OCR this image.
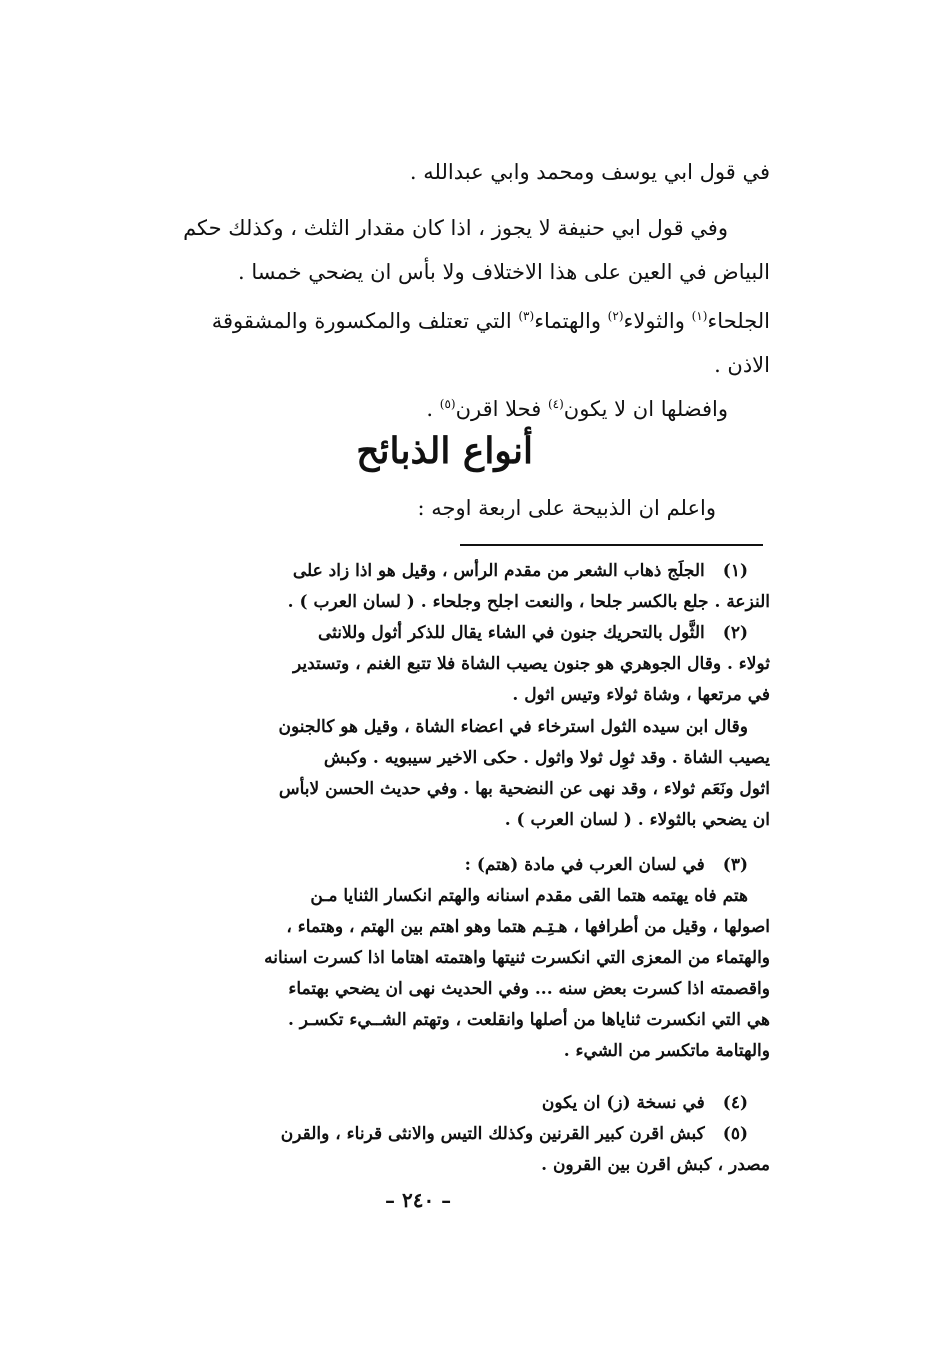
في قول ابي يوسف ومحمد وابي عبدالله .
وفي قول ابي حنيفة لا يجوز ، اذا كان مقدار الثلث ، وكذلك حكم
البياض في العين على هذا الاختلاف ولا بأس ان يضحي خمسا .
الجلحاء$^{(١)}$ والثولاء$^{(٢)}$ والهتماء$^{(٣)}$ التي تعتلف والمكسورة والمشقوقة
الاذن .
وافضلها ان لا يكون$^{(٤)}$ فحلا اقرن$^{(٥)}$ .
أنواع الذبائح
واعلم ان الذبيحة على اربعة اوجه :
(١)الجلَج ذهاب الشعر من مقدم الرأس ، وقيل هو اذا زاد على
النزعة . جلع بالكسر جلحا ، والنعت اجلح وجلحاء . ( لسان العرب ) .
(٢)الثَّول بالتحريك جنون في الشاء يقال للذكر أثول وللانثى
ثولاء . وقال الجوهري هو جنون يصيب الشاة فلا تتبع الغنم ، وتستدير
في مرتعها ، وشاة ثولاء وتيس اثول .
وقال ابن سيده الثول استرخاء في اعضاء الشاة ، وقيل هو كالجنون
يصيب الشاة . وقد ثوِل ثولا واثول . حكى الاخير سيبويه . وكبش
اثول ونَعَم ثولاء ، وقد نهى عن النضحية بها . وفي حديث الحسن لابأس
ان يضحي بالثولاء . ( لسان العرب ) .
(٣)في لسان العرب في مادة (هتم) :
هتم فاه يهتمه هتما القى مقدم اسنانه والهتم انكسار الثنايا مـن
اصولها ، وقيل من أطرافها ، هـتِـم هتما وهو اهتم بين الهتم ، وهتماء ،
والهتماء من المعزى التي انكسرت ثنيتها واهتمته اهتاما اذا كسرت اسنانه
واقصمته اذا كسرت بعض سنه ... وفي الحديث نهى ان يضحي بهتماء
هي التي انكسرت ثناياها من أصلها وانقلعت ، وتهتم الشــيء تكسـر .
والهتامة ماتكسر من الشيء .
(٤)في نسخة (ز) ان يكون
(٥)كبش اقرن كبير القرنين وكذلك التيس والانثى قرناء ، والقرن
مصدر ، كبش اقرن بين القرون .
– ٢٤٠ –
